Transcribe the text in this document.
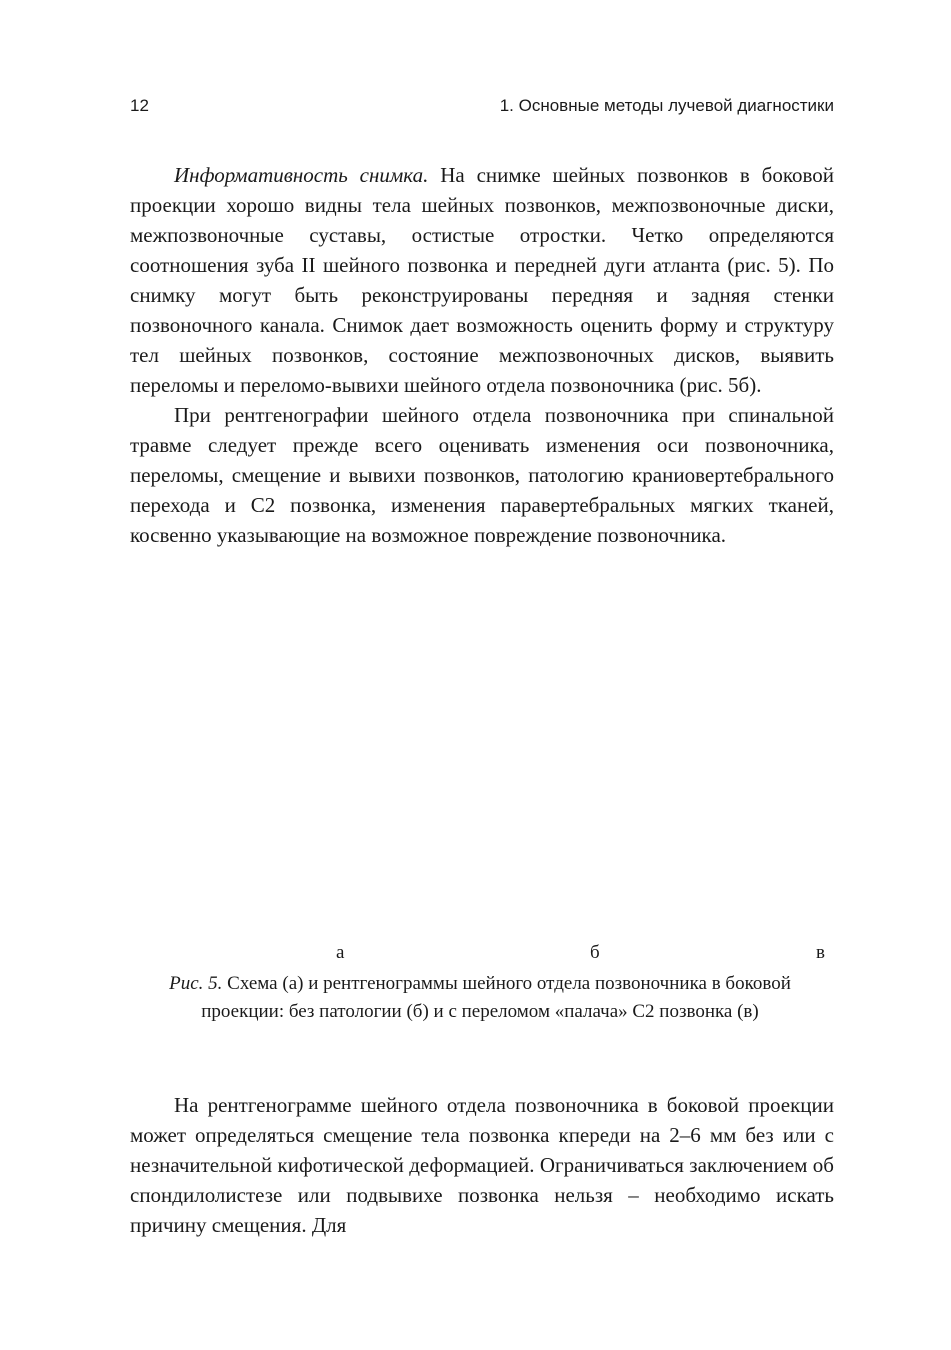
12	1. Основные методы лучевой диагностики

Информативность снимка. На снимке шейных позвонков в боковой проекции хорошо видны тела шейных позвонков, межпозвоночные диски, межпозвоночные суставы, остистые отростки. Четко определяются соотношения зуба II шейного позвонка и передней дуги атланта (рис. 5). По снимку могут быть реконструированы передняя и задняя стенки позвоночного канала. Снимок дает возможность оценить форму и структуру тел шейных позвонков, состояние межпозвоночных дисков, выявить переломы и переломо-вывихи шейного отдела позвоночника (рис. 5б).

При рентгенографии шейного отдела позвоночника при спинальной травме следует прежде всего оценивать изменения оси позвоночника, переломы, смещение и вывихи позвонков, патологию краниовертебрального перехода и С2 позвонка, изменения паравертебральных мягких тканей, косвенно указывающие на возможное повреждение позвоночника.

а	б	в
Рис. 5. Схема (а) и рентгенограммы шейного отдела позвоночника в боковой проекции: без патологии (б) и с переломом «палача» С2 позвонка (в)

На рентгенограмме шейного отдела позвоночника в боковой проекции может определяться смещение тела позвонка кпереди на 2–6 мм без или с незначительной кифотической деформацией. Ограничиваться заключением об спондилолистезе или подвывихе позвонка нельзя – необходимо искать причину смещения. Для
